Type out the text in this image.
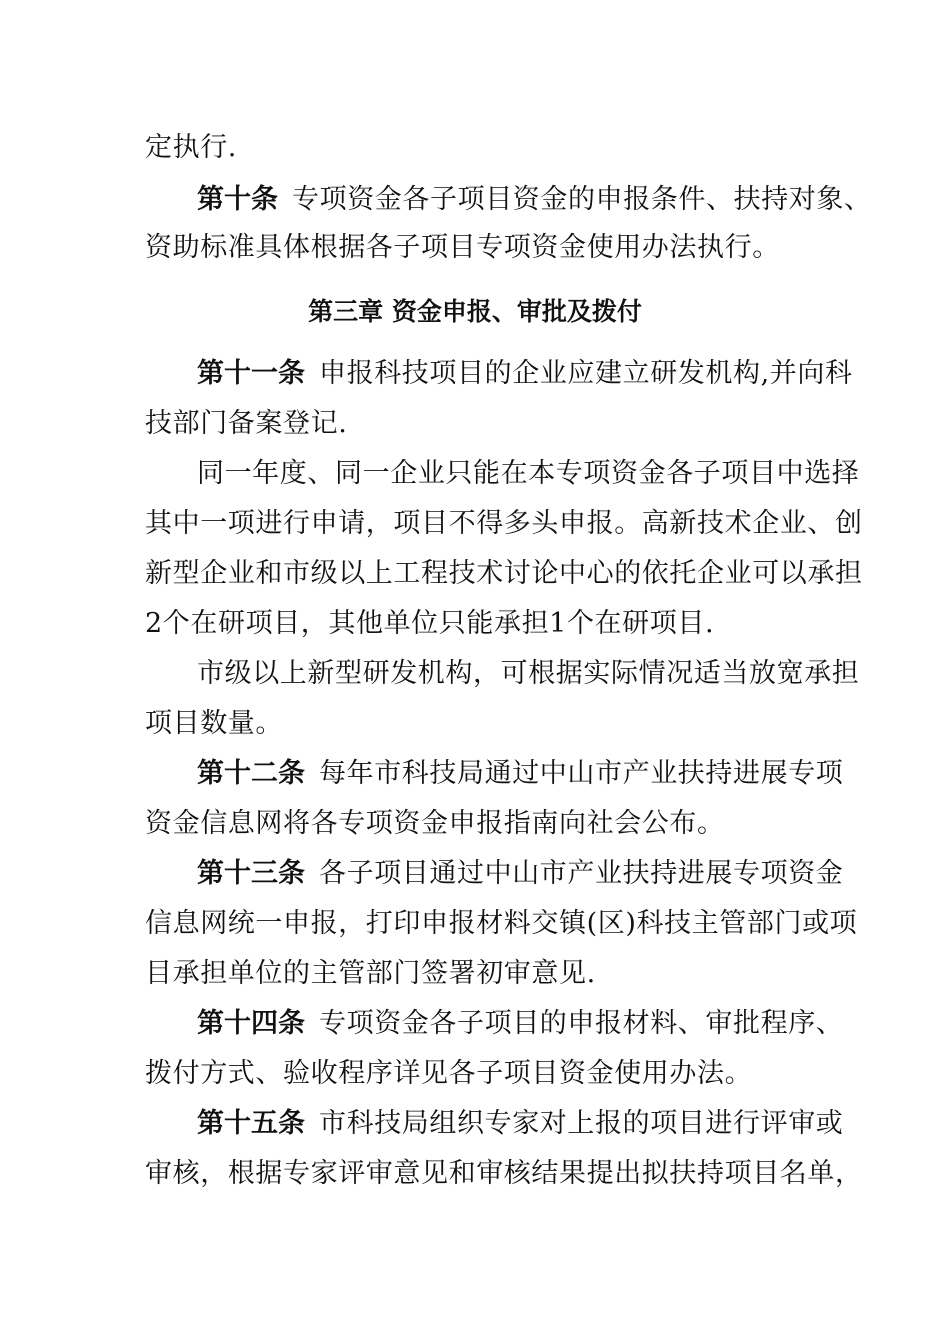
定执行.
第十条 专项资金各子项目资金的申报条件、扶持对象、
资助标准具体根据各子项目专项资金使用办法执行。
第三章 资金申报、审批及拨付
第十一条 申报科技项目的企业应建立研发机构,并向科
技部门备案登记.
同一年度、同一企业只能在本专项资金各子项目中选择
其中一项进行申请，项目不得多头申报。高新技术企业、创
新型企业和市级以上工程技术讨论中心的依托企业可以承担
2个在研项目，其他单位只能承担1个在研项目.
市级以上新型研发机构，可根据实际情况适当放宽承担
项目数量。
第十二条 每年市科技局通过中山市产业扶持进展专项
资金信息网将各专项资金申报指南向社会公布。
第十三条 各子项目通过中山市产业扶持进展专项资金
信息网统一申报，打印申报材料交镇(区)科技主管部门或项
目承担单位的主管部门签署初审意见.
第十四条 专项资金各子项目的申报材料、审批程序、
拨付方式、验收程序详见各子项目资金使用办法。
第十五条 市科技局组织专家对上报的项目进行评审或
审核，根据专家评审意见和审核结果提出拟扶持项目名单，
